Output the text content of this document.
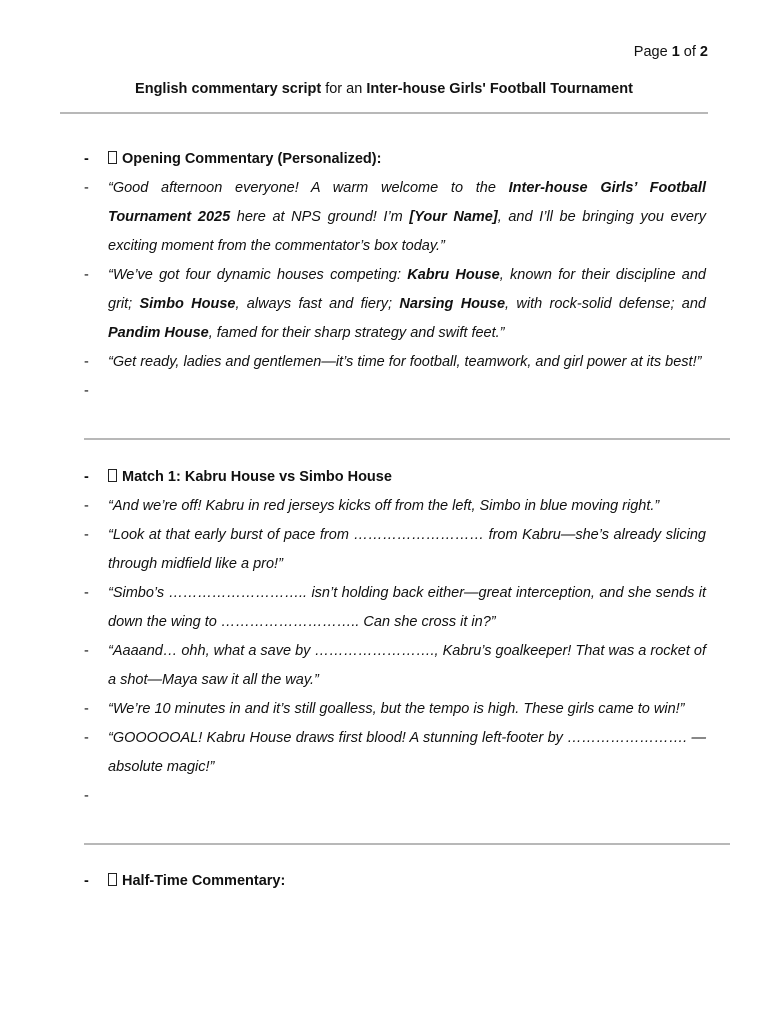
Page 1 of 2
English commentary script for an Inter-house Girls' Football Tournament
- Opening Commentary (Personalized):
- “Good afternoon everyone! A warm welcome to the Inter-house Girls’ Football Tournament 2025 here at NPS ground! I’m [Your Name], and I’ll be bringing you every exciting moment from the commentator’s box today.”
- “We’ve got four dynamic houses competing: Kabru House, known for their discipline and grit; Simbo House, always fast and fiery; Narsing House, with rock-solid defense; and Pandim House, famed for their sharp strategy and swift feet.”
- “Get ready, ladies and gentlemen—it’s time for football, teamwork, and girl power at its best!”
-
- Match 1: Kabru House vs Simbo House
- “And we’re off! Kabru in red jerseys kicks off from the left, Simbo in blue moving right.”
- “Look at that early burst of pace from ……………………… from Kabru—she’s already slicing through midfield like a pro!”
- “Simbo’s ……………………….. isn’t holding back either—great interception, and she sends it down the wing to ……………………….. Can she cross it in?”
- “Aaaand… ohh, what a save by ……………………., Kabru’s goalkeeper! That was a rocket of a shot—Maya saw it all the way.”
- “We’re 10 minutes in and it’s still goalless, but the tempo is high. These girls came to win!”
- “GOOOOOAL! Kabru House draws first blood! A stunning left-footer by ……………………. —absolute magic!”
-
- Half-Time Commentary:
